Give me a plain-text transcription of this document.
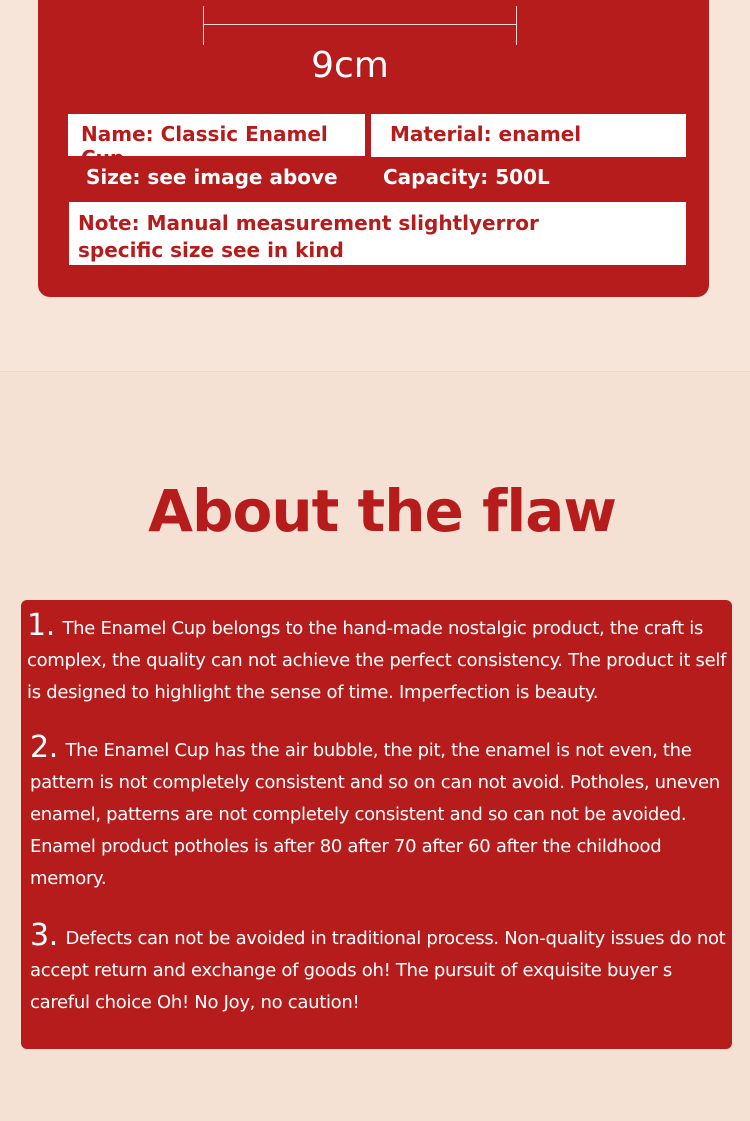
9cm
Name: Classic Enamel Cup
Material: enamel
Size: see image above Capacity: 500L
Note: Manual measurement slightlyerror specific size see in kind
About the flaw

1. The Enamel Cup belongs to the hand-made nostalgic product, the craft is complex, the quality can not achieve the perfect consistency. The product it self is designed to highlight the sense of time. Imperfection is beauty.

2. The Enamel Cup has the air bubble, the pit, the enamel is not even, the pattern is not completely consistent and so on can not avoid. Potholes, uneven enamel, patterns are not completely consistent and so can not be avoided. Enamel product potholes is after 80 after 70 after 60 after the childhood memory.

3. Defects can not be avoided in traditional process. Non-quality issues do not accept return and exchange of goods oh! The pursuit of exquisite buyer s careful choice Oh! No Joy, no caution!
